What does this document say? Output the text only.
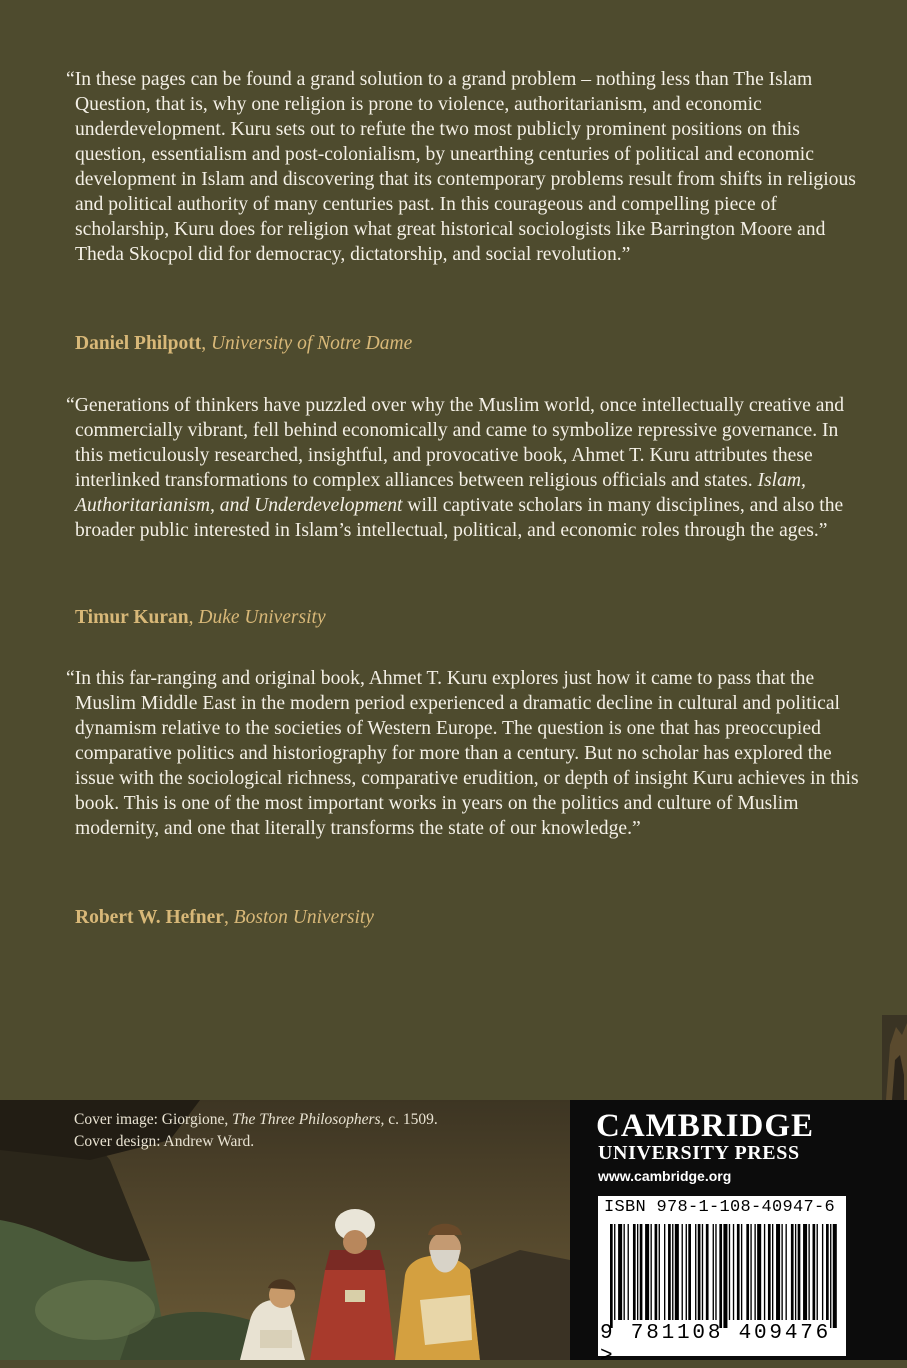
“In these pages can be found a grand solution to a grand problem – nothing less than The Islam Question, that is, why one religion is prone to violence, authoritarianism, and economic underdevelopment. Kuru sets out to refute the two most publicly prominent positions on this question, essentialism and post-colonialism, by unearthing centuries of political and economic development in Islam and discovering that its contemporary problems result from shifts in religious and political authority of many centuries past. In this courageous and compelling piece of scholarship, Kuru does for religion what great historical sociologists like Barrington Moore and Theda Skocpol did for democracy, dictatorship, and social revolution.”
Daniel Philpott, University of Notre Dame
“Generations of thinkers have puzzled over why the Muslim world, once intellectually creative and commercially vibrant, fell behind economically and came to symbolize repressive governance. In this meticulously researched, insightful, and provocative book, Ahmet T. Kuru attributes these interlinked transformations to complex alliances between religious officials and states. Islam, Authoritarianism, and Underdevelopment will captivate scholars in many disciplines, and also the broader public interested in Islam’s intellectual, political, and economic roles through the ages.”
Timur Kuran, Duke University
“In this far-ranging and original book, Ahmet T. Kuru explores just how it came to pass that the Muslim Middle East in the modern period experienced a dramatic decline in cultural and political dynamism relative to the societies of Western Europe. The question is one that has preoccupied comparative politics and historiography for more than a century. But no scholar has explored the issue with the sociological richness, comparative erudition, or depth of insight Kuru achieves in this book. This is one of the most important works in years on the politics and culture of Muslim modernity, and one that literally transforms the state of our knowledge.”
Robert W. Hefner, Boston University
Cover image: Giorgione, The Three Philosophers, c. 1509.
Cover design: Andrew Ward.	CAMBRIDGE
UNIVERSITY PRESS
www.cambridge.org
ISBN 978-1-108-40947-6
9 781108 409476 >
